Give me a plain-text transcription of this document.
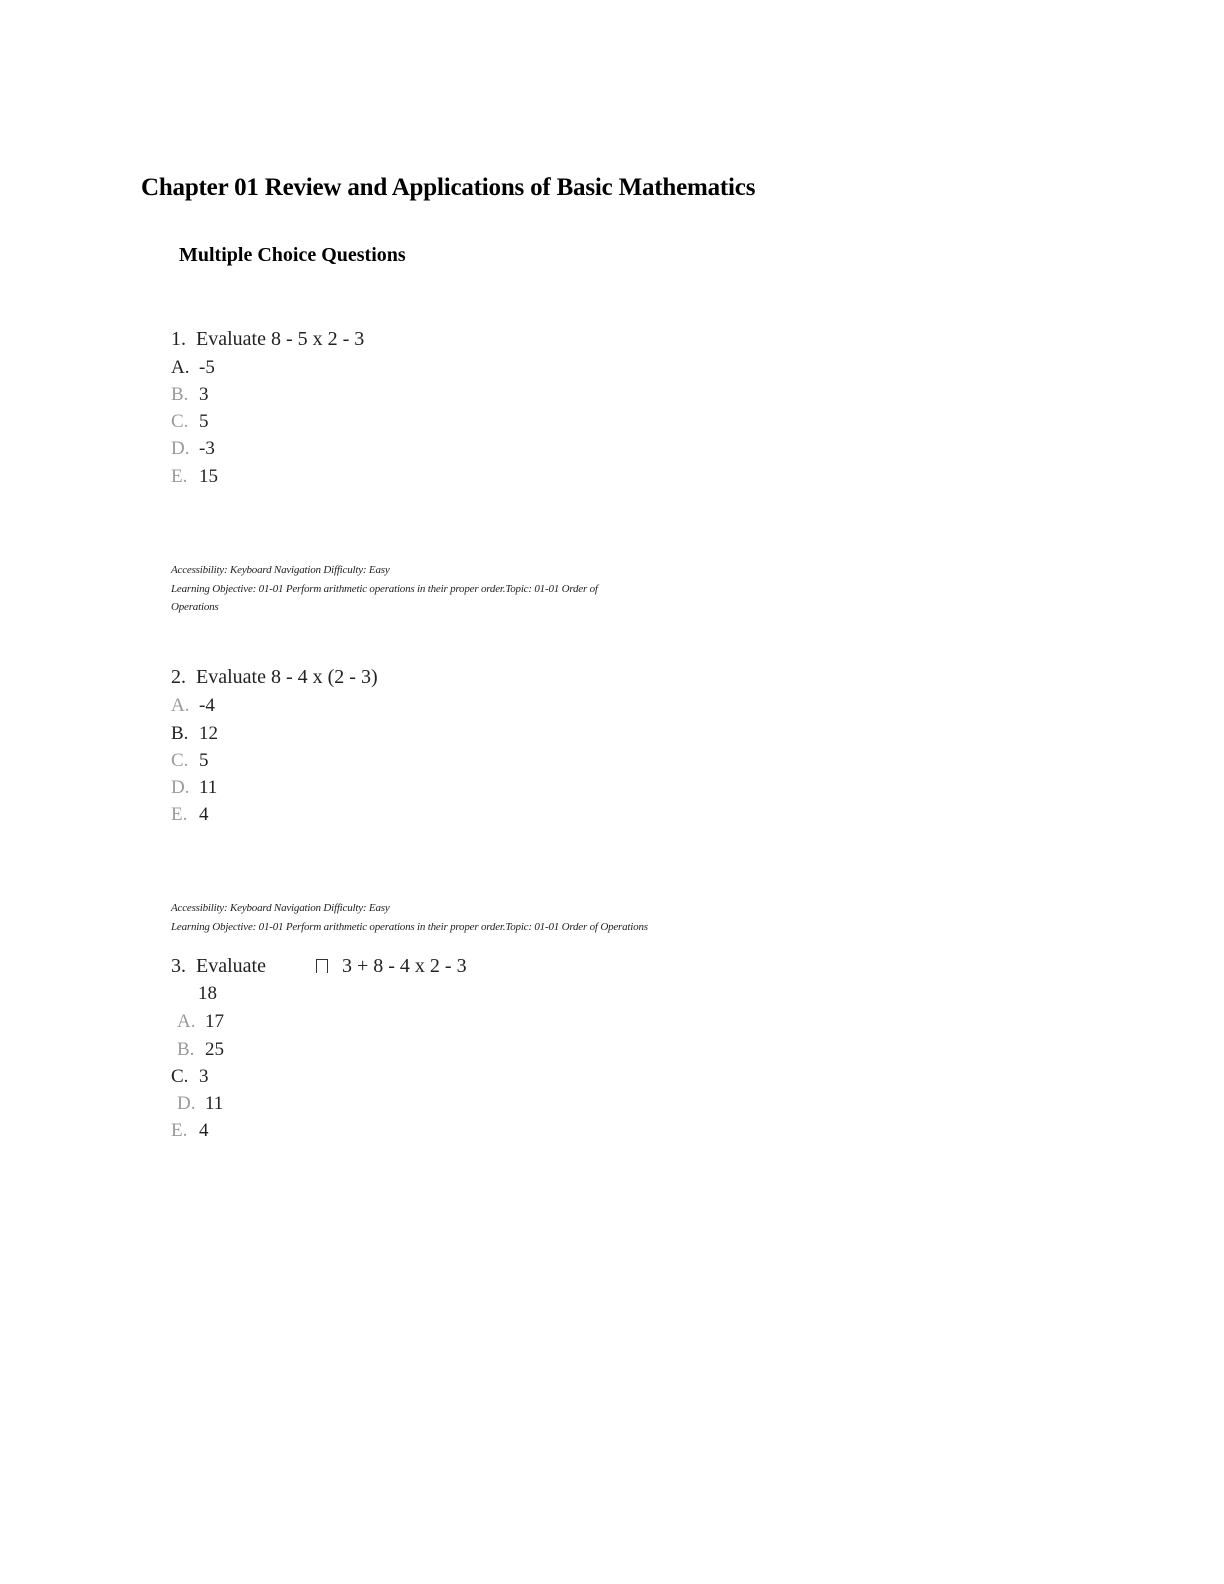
Chapter 01 Review and Applications of Basic Mathematics
Multiple Choice Questions
1. Evaluate 8 - 5 x 2 - 3
A. -5
B. 3
C. 5
D. -3
E. 15
Accessibility: Keyboard Navigation Difficulty: Easy
Learning Objective: 01-01 Perform arithmetic operations in their proper order.Topic: 01-01 Order of
Operations
2. Evaluate 8 - 4 x (2 - 3)
A. -4
B. 12
C. 5
D. 11
E. 4
Accessibility: Keyboard Navigation Difficulty: Easy
Learning Objective: 01-01 Perform arithmetic operations in their proper order.Topic: 01-01 Order of Operations
3. Evaluate	3 + 8 - 4 x 2 - 3
18
A. 17
B. 25
C. 3
D. 11
E. 4
